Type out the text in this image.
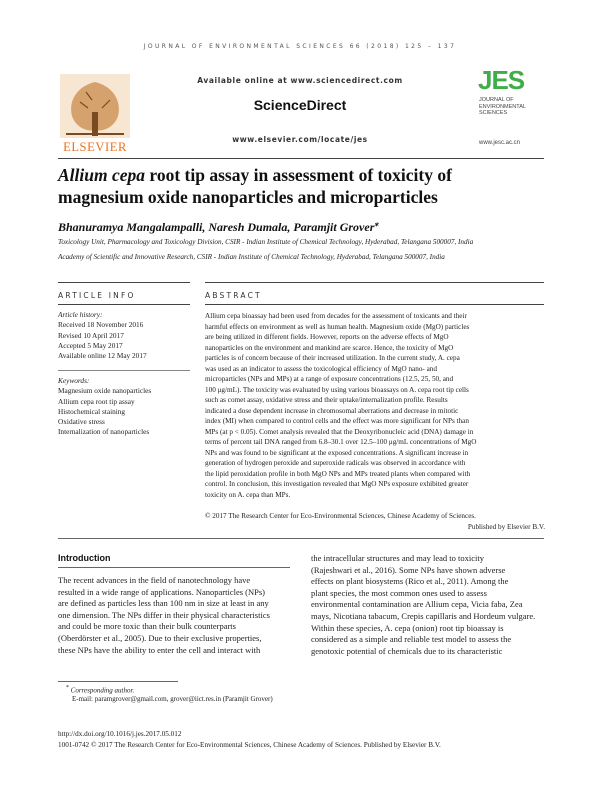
JOURNAL OF ENVIRONMENTAL SCIENCES 66 (2018) 125 – 137
ELSEVIER
Available online at www.sciencedirect.com
ScienceDirect
www.elsevier.com/locate/jes
JES
JOURNAL OF
ENVIRONMENTAL
SCIENCES
www.jesc.ac.cn
Allium cepa root tip assay in assessment of toxicity of
magnesium oxide nanoparticles and microparticles
Bhanuramya Mangalampalli, Naresh Dumala, Paramjit Grover⁎
Toxicology Unit, Pharmacology and Toxicology Division, CSIR - Indian Institute of Chemical Technology, Hyderabad, Telangana 500007, India
Academy of Scientific and Innovative Research, CSIR - Indian Institute of Chemical Technology, Hyderabad, Telangana 500007, India
ARTICLE INFO
Article history:
Received 18 November 2016
Revised 10 April 2017
Accepted 5 May 2017
Available online 12 May 2017
Keywords:
Magnesium oxide nanoparticles
Allium cepa root tip assay
Histochemical staining
Oxidative stress
Internalization of nanoparticles
ABSTRACT
Allium cepa bioassay had been used from decades for the assessment of toxicants and their
harmful effects on environment as well as human health. Magnesium oxide (MgO) particles
are being utilized in different fields. However, reports on the adverse effects of MgO
nanoparticles on the environment and mankind are scarce. Hence, the toxicity of MgO
particles is of concern because of their increased utilization. In the current study, A. cepa
was used as an indicator to assess the toxicological efficiency of MgO nano- and
microparticles (NPs and MPs) at a range of exposure concentrations (12.5, 25, 50, and
100 μg/mL). The toxicity was evaluated by using various bioassays on A. cepa root tip cells
such as comet assay, oxidative stress and their uptake/internalization profile. Results
indicated a dose dependent increase in chromosomal aberrations and decrease in mitotic
index (MI) when compared to control cells and the effect was more significant for NPs than
MPs (at p < 0.05). Comet analysis revealed that the Deoxyribonucleic acid (DNA) damage in
terms of percent tail DNA ranged from 6.8–30.1 over 12.5–100 μg/mL concentrations of MgO
NPs and was found to be significant at the exposed concentrations. A significant increase in
generation of hydrogen peroxide and superoxide radicals was observed in accordance with
the lipid peroxidation profile in both MgO NPs and MPs treated plants when compared with
control. In conclusion, this investigation revealed that MgO NPs exposure exhibited greater
toxicity on A. cepa than MPs.
© 2017 The Research Center for Eco-Environmental Sciences, Chinese Academy of Sciences.
Published by Elsevier B.V.
Introduction
The recent advances in the field of nanotechnology have
resulted in a wide range of applications. Nanoparticles (NPs)
are defined as particles less than 100 nm in size at least in any
one dimension. The NPs differ in their physical characteristics
and could be more toxic than their bulk counterparts
(Oberdörster et al., 2005). Due to their exclusive properties,
these NPs have the ability to enter the cell and interact with
the intracellular structures and may lead to toxicity
(Rajeshwari et al., 2016). Some NPs have shown adverse
effects on plant biosystems (Rico et al., 2011). Among the
plant species, the most common ones used to assess
environmental contamination are Allium cepa, Vicia faba, Zea
mays, Nicotiana tabacum, Crepis capillaris and Hordeum vulgare.
Within these species, A. cepa (onion) root tip bioassay is
considered as a simple and reliable test model to assess the
genotoxic potential of chemicals due to its characteristic
* Corresponding author.
E-mail: paramgrover@gmail.com, grover@iict.res.in (Paramjit Grover)
http://dx.doi.org/10.1016/j.jes.2017.05.012
1001-0742 © 2017 The Research Center for Eco-Environmental Sciences, Chinese Academy of Sciences. Published by Elsevier B.V.
